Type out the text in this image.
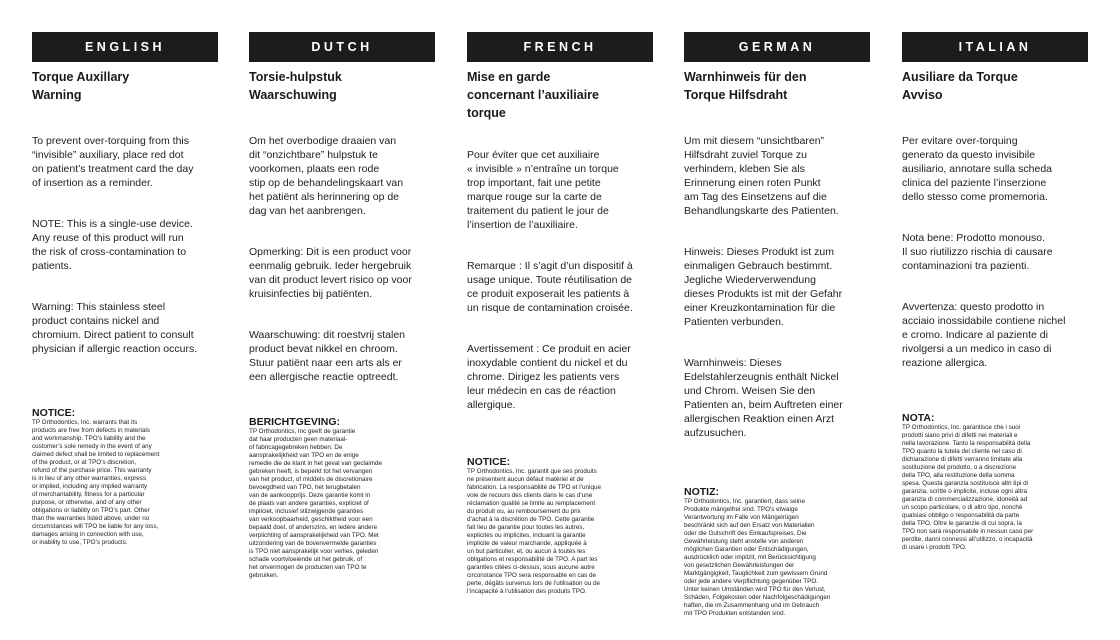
ENGLISH
Torque Auxillary
Warning

To prevent over-torquing from this
“invisible” auxiliary, place red dot
on patient’s treatment card the day
of insertion as a reminder.

NOTE: This is a single-use device.
Any reuse of this product will run
the risk of cross-contamination to
patients.

Warning: This stainless steel
product contains nickel and
chromium. Direct patient to consult
physician if allergic reaction occurs.

NOTICE:
TP Orthodontics, Inc. warrants that its
products are free from defects in materials
and workmanship. TPO’s liability and the
customer’s sole remedy in the event of any
claimed defect shall be limited to replacement
of the product, or at TPO’s discretion,
refund of the purchase price. This warranty
is in lieu of any other warranties, express
or implied, including any implied warranty
of merchantability, fitness for a particular
purpose, or otherwise, and of any other
obligations or liability on TPO’s part. Other
than the warranties listed above, under no
circumstances will TPO be liable for any loss,
damages arising in connection with use,
or inability to use, TPO’s products.
DUTCH
Torsie-hulpstuk
Waarschuwing

Om het overbodige draaien van
dit “onzichtbare” hulpstuk te
voorkomen, plaats een rode
stip op de behandelingskaart van
het patiënt als herinnering op de
dag van het aanbrengen.

Opmerking: Dit is een product voor
eenmalig gebruik. Ieder hergebruik
van dit product levert risico op voor
kruisinfecties bij patiënten.

Waarschuwing: dit roestvrij stalen
product bevat nikkel en chroom.
Stuur patiënt naar een arts als er
een allergische reactie optreedt.

BERICHTGEVING:
TP Orthodontics, Inc geeft de garantie
dat haar producten geen materiaal-
of fabricagegebreken hebben. De
aansprakelijkheid van TPO en de enige
remedie die de klant in het geval van geclaimde
gebreken heeft, is beperkt tot het vervangen
van het product, of middels de discretionaire
bevoegdheid van TPO, het terugbetalen
van de aankoopprijs. Deze garantie komt in
de plaats van andere garanties, expliciet of
impliciet, inclusief stilzwijgende garanties
van verkoopbaarheid, geschiktheid voor een
bepaald doel, of anderszins, en iedere andere
verplichting of aansprakelijkheid van TPO. Met
uitzondering van de bovenvermelde garanties
is TPO niet aansprakelijk voor verlies, geleden
schade voortvloeiende uit het gebruik, of
het onvermogen de producten van TPO te
gebruiken.
FRENCH
Mise en garde
concernant l’auxiliaire
torque

Pour éviter que cet auxiliaire
« invisible » n’entraîne un torque
trop important, fait une petite
marque rouge sur la carte de
traitement du patient le jour de
l’insertion de l’auxiliaire.

Remarque : Il s’agit d’un dispositif à
usage unique. Toute réutilisation de
ce produit exposerait les patients à
un risque de contamination croisée.

Avertissement : Ce produit en acier
inoxydable contient du nickel et du
chrome. Dirigez les patients vers
leur médecin en cas de réaction
allergique.

NOTICE:
TP Orthodontics, Inc. garantit que ses produits
ne présentent aucun défaut matériel et de
fabrication. La responsabilité de TPO et l’unique
voie de recours des clients dans le cas d’une
réclamation qualité se limite au remplacement
du produit ou, au remboursement du prix
d’achat à la discrétion de TPO. Cette garantie
fait lieu de garantie pour toutes les autres,
explicites ou implicites, incluant la garantie
implicite de valeur marchande, appliquée à
un but particulier, et, ou aucun à toutes les
obligations et responsabilité de TPO. A part les
garanties citées ci-dessus, sous aucune autre
circonstance TPO sera responsable en cas de
perte, dégâts survenus lors de l’utilisation ou de
l’incapacité à l’utilisation des produits TPO.
GERMAN
Warnhinweis für den
Torque Hilfsdraht

Um mit diesem “unsichtbaren”
Hilfsdraht zuviel Torque zu
verhindern, kleben Sie als
Erinnerung einen roten Punkt
am Tag des Einsetzens auf die
Behandlungskarte des Patienten.

Hinweis: Dieses Produkt ist zum
einmaligen Gebrauch bestimmt.
Jegliche Wiederverwendung
dieses Produkts ist mit der Gefahr
einer Kreuzkontamination für die
Patienten verbunden.

Warnhinweis: Dieses
Edelstahlerzeugnis enthält Nickel
und Chrom. Weisen Sie den
Patienten an, beim Auftreten einer
allergischen Reaktion einen Arzt
aufzusuchen.

NOTIZ:
TP Orthodontics, Inc. garantiert, dass seine
Produkte mängelfrei sind. TPO’s etwaige
Verantwortung im Falle von Mängelrügen
beschränkt sich auf den Ersatz von Materialien
oder die Gutschrift des Einkaufspreises. Die
Gewährleistung steht anstelle von anderen
möglichen Garantien oder Entschädigungen,
ausdrücklich oder implizit, mit Berücksichtigung
von gesetzlichen Gewährleistungen der
Marktgängigkeit, Tauglichkeit zum gewissem Grund
oder jede andere Verpflichtung gegenüber TPO.
Unter keinen Umständen wird TPO für den Verlust,
Schäden, Folgekosten oder Nachfolgeschädigungen
haften, die im Zusammenhang und im Gebrauch
mit TPO Produkten entstanden sind.
ITALIAN
Ausiliare da Torque
Avviso

Per evitare over-torquing
generato da questo invisibile
ausiliario, annotare sulla scheda
clinica del paziente l’inserzione
dello stesso come promemoria.

Nota bene: Prodotto monouso.
Il suo riutilizzo rischia di causare
contaminazioni tra pazienti.

Avvertenza: questo prodotto in
acciaio inossidabile contiene nichel
e cromo. Indicare al paziente di
rivolgersi a un medico in caso di
reazione allergica.

NOTA:
TP Orthodontics, Inc. garantisce che i suoi
prodotti siano privi di difetti nei materiali e
nella lavorazione. Tanto la responsabilità della
TPO quanto la tutela del cliente nel caso di
dichiarazione di difetti verranno limitate alla
sostituzione del prodotto, o a discrezione
della TPO, alla restituzione della somma
spesa. Questa garanzia sostituisce altri tipi di
garanzia, scritte o implicite, incluse ogni altra
garanzia di commercializzazione, idoneità ad
un scopo particolare, o di altro tipo, nonché
qualsiasi obbligo o responsabilità da parte
della TPO. Oltre le garanzie di cui sopra, la
TPO non sarà responsabile in nessun caso per
perdite, danni connessi all’utilizzo, o incapacità
di usare i prodotti TPO.
